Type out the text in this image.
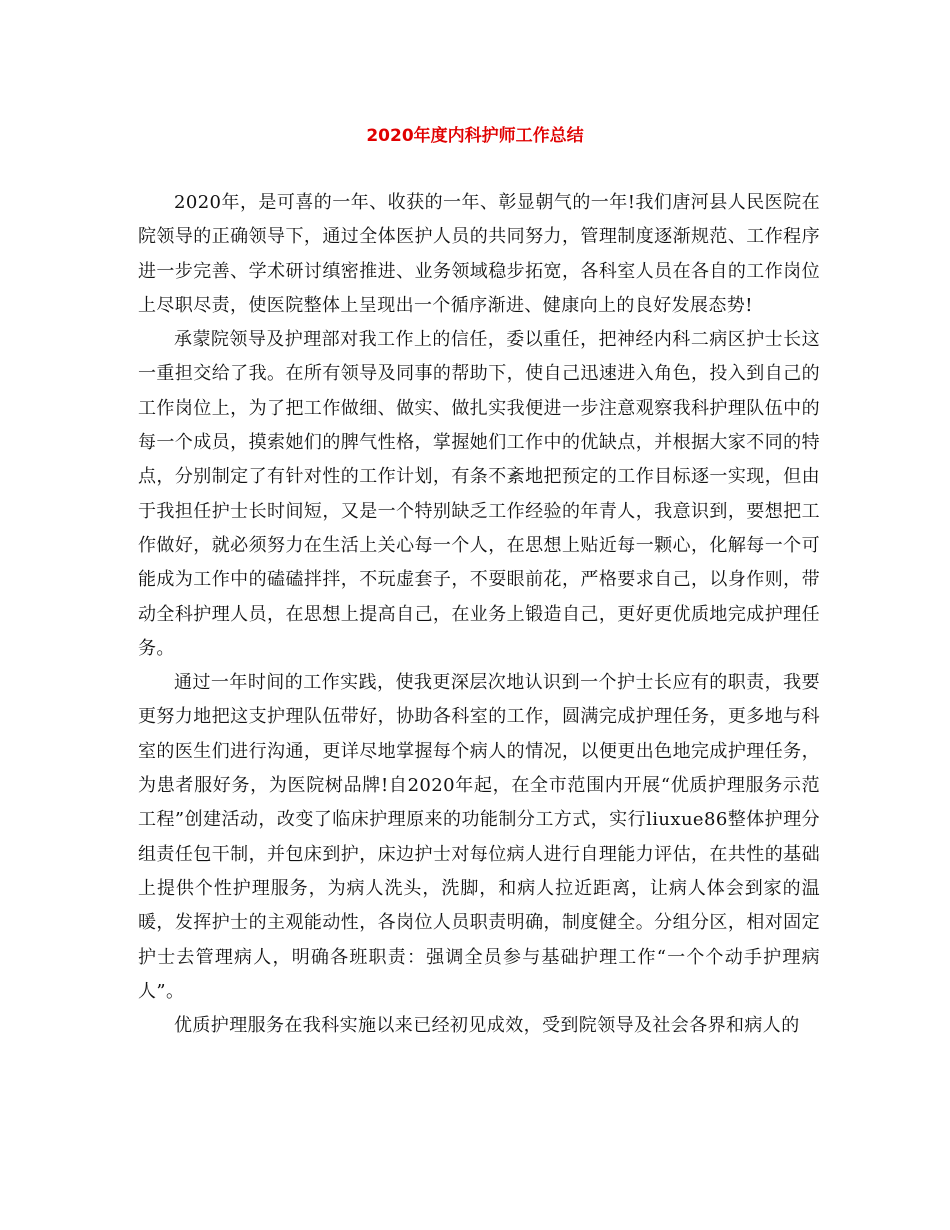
2020年度内科护师工作总结

2020年，是可喜的一年、收获的一年、彰显朝气的一年!我们唐河县人民医院在院领导的正确领导下，通过全体医护人员的共同努力，管理制度逐渐规范、工作程序进一步完善、学术研讨缜密推进、业务领域稳步拓宽，各科室人员在各自的工作岗位上尽职尽责，使医院整体上呈现出一个循序渐进、健康向上的良好发展态势!

承蒙院领导及护理部对我工作上的信任，委以重任，把神经内科二病区护士长这一重担交给了我。在所有领导及同事的帮助下，使自己迅速进入角色，投入到自己的工作岗位上，为了把工作做细、做实、做扎实我便进一步注意观察我科护理队伍中的每一个成员，摸索她们的脾气性格，掌握她们工作中的优缺点，并根据大家不同的特点，分别制定了有针对性的工作计划，有条不紊地把预定的工作目标逐一实现，但由于我担任护士长时间短，又是一个特别缺乏工作经验的年青人，我意识到，要想把工作做好，就必须努力在生活上关心每一个人，在思想上贴近每一颗心，化解每一个可能成为工作中的磕磕拌拌，不玩虚套子，不耍眼前花，严格要求自己，以身作则，带动全科护理人员，在思想上提高自己，在业务上锻造自己，更好更优质地完成护理任务。

通过一年时间的工作实践，使我更深层次地认识到一个护士长应有的职责，我要更努力地把这支护理队伍带好，协助各科室的工作，圆满完成护理任务，更多地与科室的医生们进行沟通，更详尽地掌握每个病人的情况，以便更出色地完成护理任务，为患者服好务，为医院树品牌!自2020年起，在全市范围内开展“优质护理服务示范工程”创建活动，改变了临床护理原来的功能制分工方式，实行liuxue86整体护理分组责任包干制，并包床到护，床边护士对每位病人进行自理能力评估，在共性的基础上提供个性护理服务，为病人洗头，洗脚，和病人拉近距离，让病人体会到家的温暖，发挥护士的主观能动性，各岗位人员职责明确，制度健全。分组分区，相对固定护士去管理病人，明确各班职责：强调全员参与基础护理工作“一个个动手护理病人”。

优质护理服务在我科实施以来已经初见成效，受到院领导及社会各界和病人的
